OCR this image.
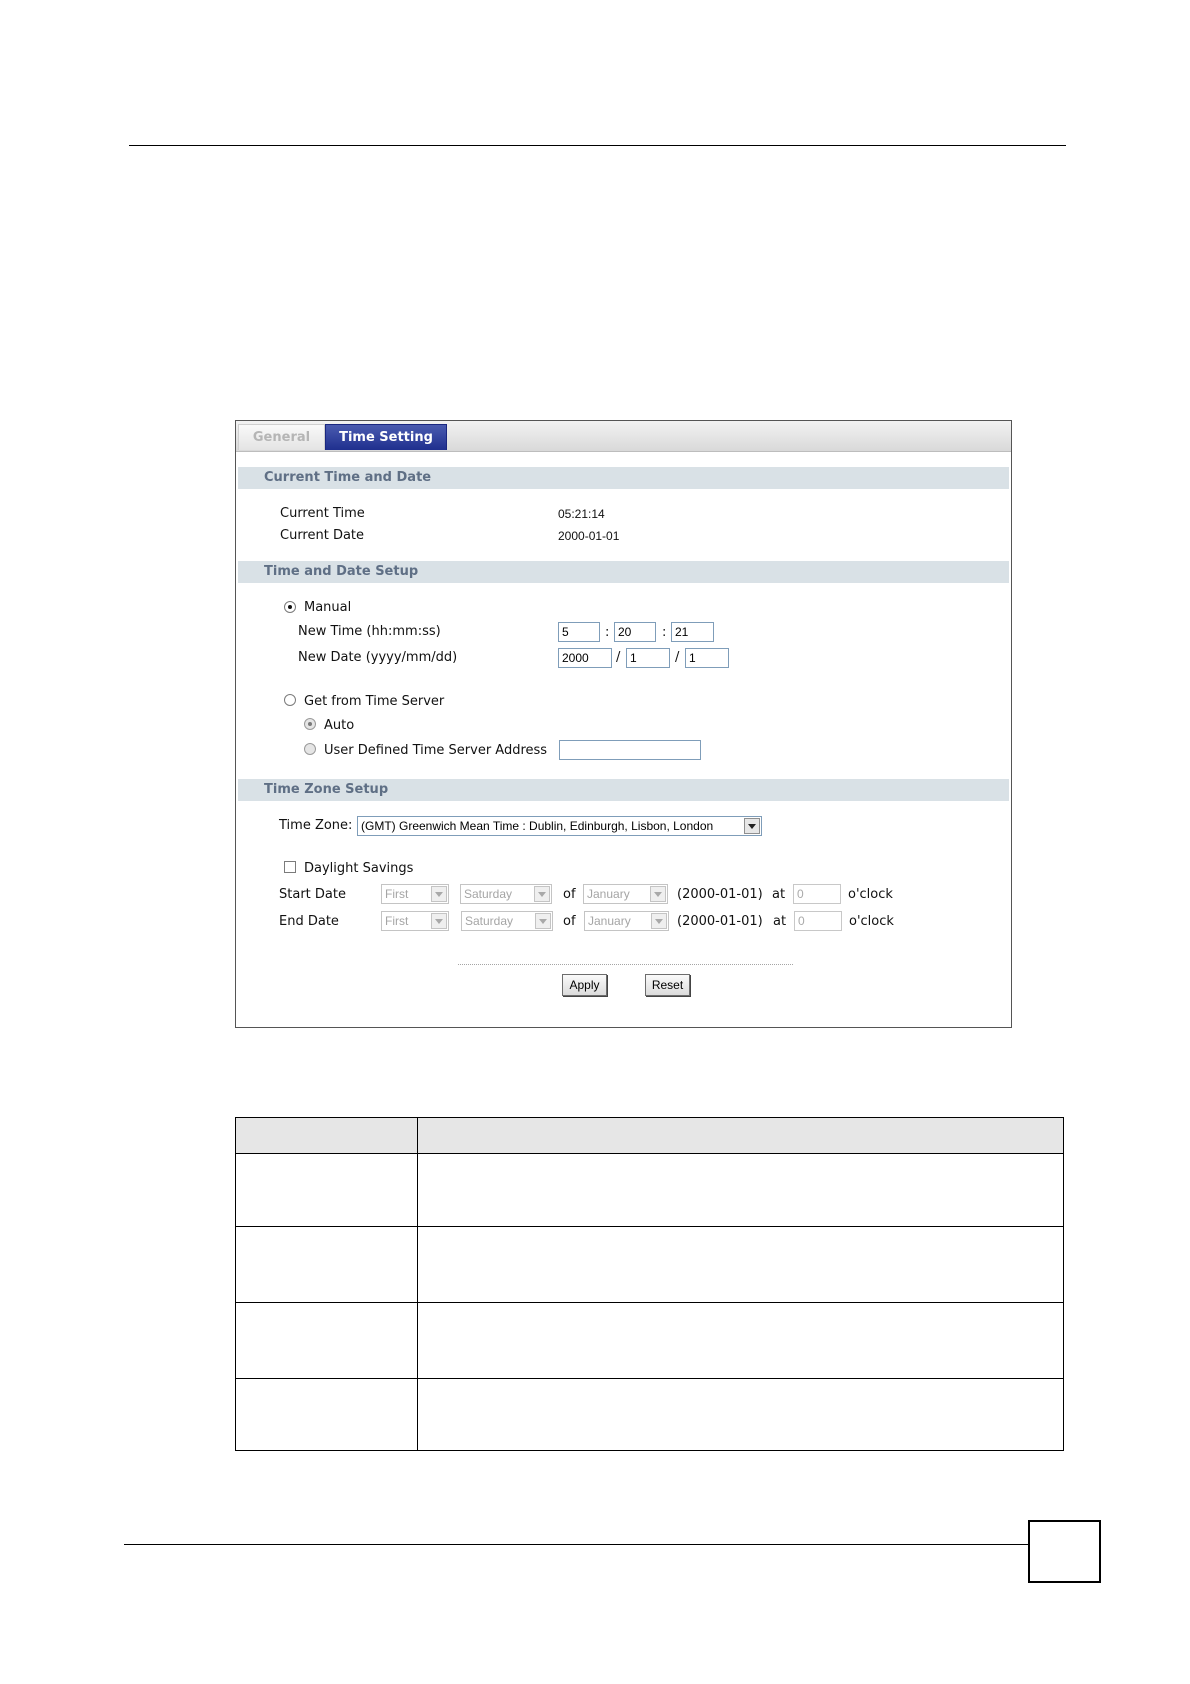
General	Time Setting
Current Time and Date
Current Time	05:21:14
Current Date	2000-01-01
Time and Date Setup
Manual
New Time (hh:mm:ss)	5	: 20	: 21
New Date (yyyy/mm/dd)	2000	/ 1	/ 1
Get from Time Server
Auto
User Defined Time Server Address
Time Zone Setup
Time Zone: (GMT) Greenwich Mean Time : Dublin, Edinburgh, Lisbon, London
Daylight Savings
Start Date	First	Saturday	of January	(2000-01-01) at 0	o'clock
End Date	First	Saturday	of	January	(2000-01-01) at 0	o'clock
Apply	Reset
